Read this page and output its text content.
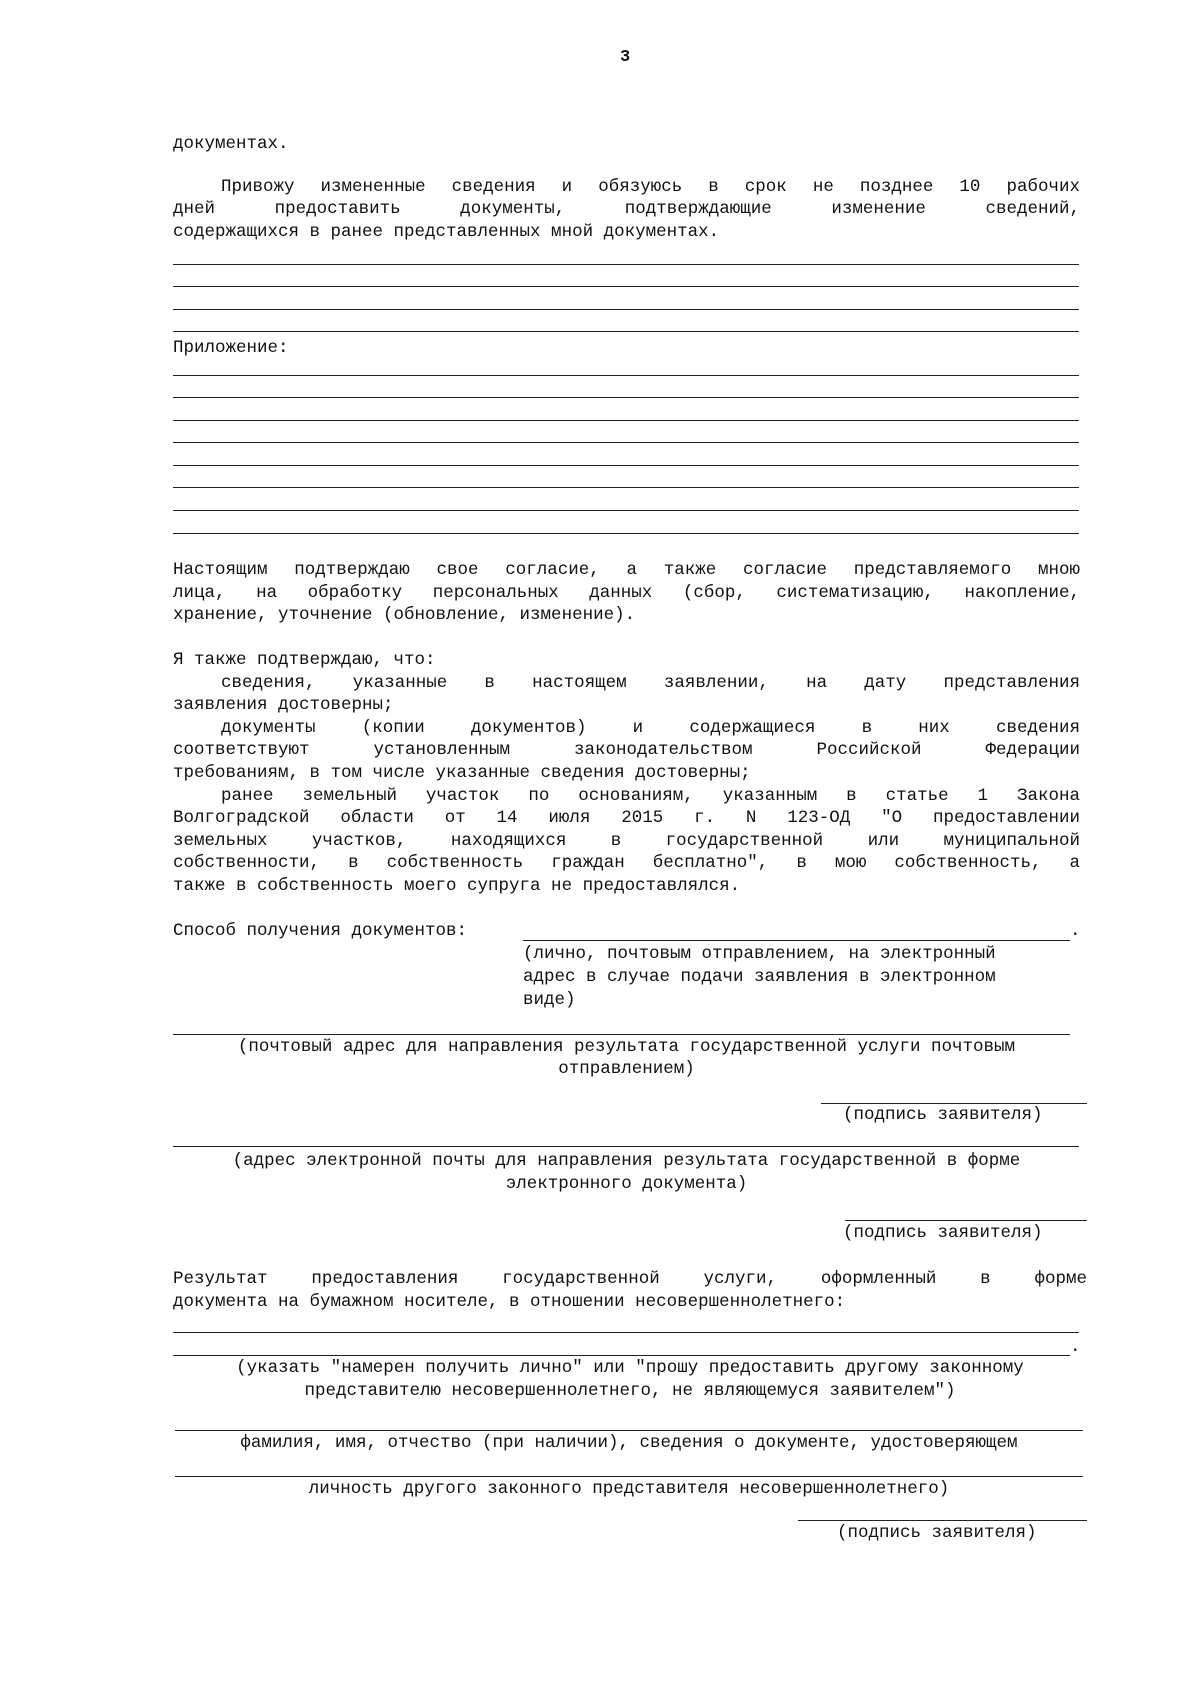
3
документах.
Привожу измененные сведения и обязуюсь в срок не позднее 10 рабочих
дней предоставить документы, подтверждающие изменение сведений,
содержащихся в ранее представленных мной документах.
Приложение:
Настоящим подтверждаю свое согласие, а также согласие представляемого мною
лица, на обработку персональных данных (сбор, систематизацию, накопление,
хранение, уточнение (обновление, изменение).
Я также подтверждаю, что:
сведения, указанные в настоящем заявлении, на дату представления
заявления достоверны;
документы (копии документов) и содержащиеся в них сведения
соответствуют установленным законодательством Российской Федерации
требованиям, в том числе указанные сведения достоверны;
ранее земельный участок по основаниям, указанным в статье 1 Закона
Волгоградской области от 14 июля 2015 г. N 123-ОД "О предоставлении
земельных участков, находящихся в государственной или муниципальной
собственности, в собственность граждан бесплатно", в мою собственность, а
также в собственность моего супруга не предоставлялся.
Способ получения документов:	.
(лично, почтовым отправлением, на электронный
адрес в случае подачи заявления в электронном
виде)
(почтовый адрес для направления результата государственной услуги почтовым
отправлением)
(подпись заявителя)
(адрес электронной почты для направления результата государственной в форме
электронного документа)
(подпись заявителя)
Результат предоставления государственной услуги, оформленный в форме
документа на бумажном носителе, в отношении несовершеннолетнего:
.
(указать "намерен получить лично" или "прошу предоставить другому законному
представителю несовершеннолетнего, не являющемуся заявителем")
фамилия, имя, отчество (при наличии), сведения о документе, удостоверяющем
личность другого законного представителя несовершеннолетнего)
(подпись заявителя)
